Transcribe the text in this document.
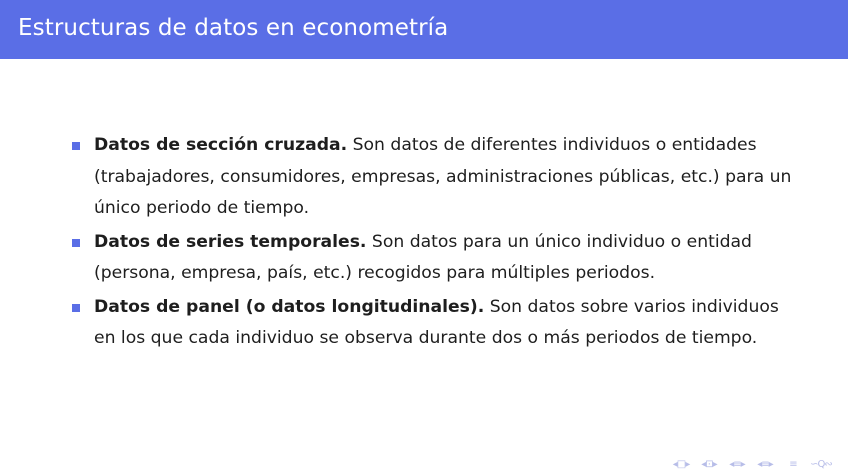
Estructuras de datos en econometría
Datos de sección cruzada. Son datos de diferentes individuos o entidades (trabajadores, consumidores, empresas, administraciones públicas, etc.) para un único periodo de tiempo.
Datos de series temporales. Son datos para un único individuo o entidad (persona, empresa, país, etc.) recogidos para múltiples periodos.
Datos de panel (o datos longitudinales). Son datos sobre varios individuos en los que cada individuo se observa durante dos o más periodos de tiempo.
◂□▸	◂⊡▸	◂≡▸	◂≡▸	≡	∽Q∾
